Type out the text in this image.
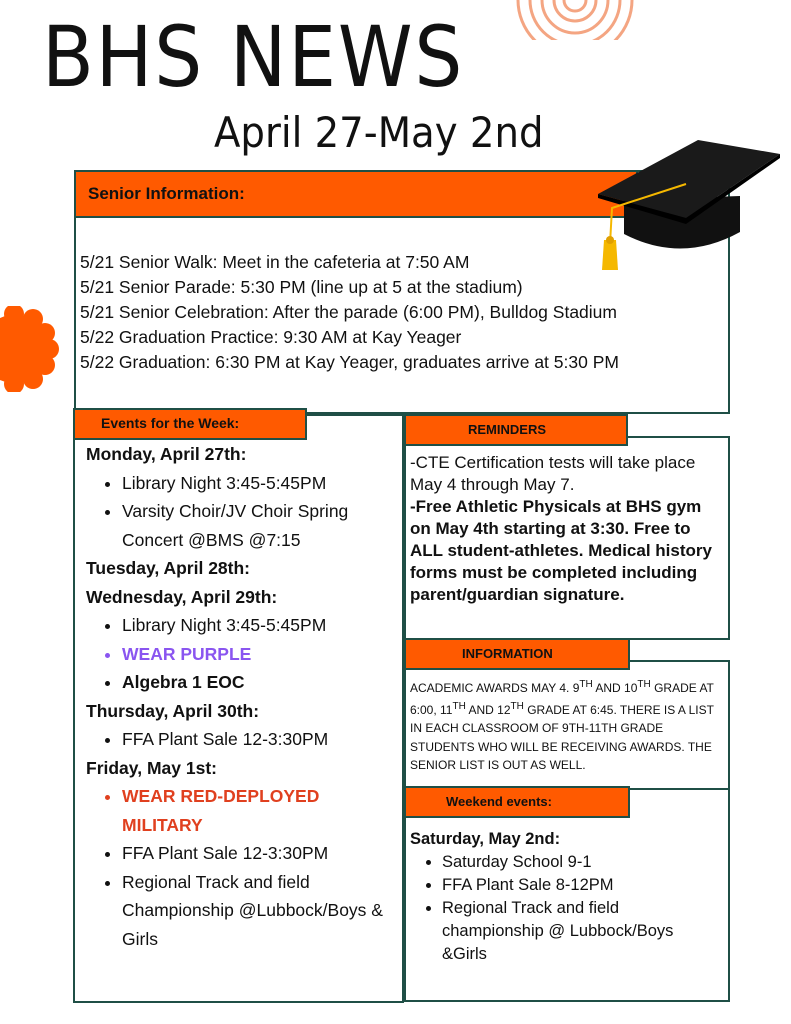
BHS NEWS
April 27-May 2nd
Senior Information:
5/21 Senior Walk: Meet in the cafeteria at 7:50 AM
5/21 Senior Parade: 5:30 PM (line up at 5 at the stadium)
5/21 Senior Celebration: After the parade (6:00 PM), Bulldog Stadium
5/22 Graduation Practice: 9:30 AM at Kay Yeager
5/22 Graduation: 6:30 PM at Kay Yeager, graduates arrive at 5:30 PM
Events for the Week:

Monday, April 27th:

• Library Night 3:45-5:45PM
• Varsity Choir/JV Choir Spring Concert @BMS @7:15

Tuesday, April 28th:

Wednesday, April 29th:

• Library Night 3:45-5:45PM
• WEAR PURPLE
• Algebra 1 EOC

Thursday, April 30th:

• FFA Plant Sale 12-3:30PM

Friday, May 1st:

• WEAR RED-DEPLOYED MILITARY
• FFA Plant Sale 12-3:30PM
• Regional Track and field Championship @Lubbock/Boys & Girls
REMINDERS
-CTE Certification tests will take place May 4 through May 7.
-Free Athletic Physicals at BHS gym on May 4th starting at 3:30. Free to ALL student-athletes. Medical history forms must be completed including parent/guardian signature.
INFORMATION
ACADEMIC AWARDS MAY 4. 9TH AND 10TH GRADE AT 6:00, 11TH AND 12TH GRADE AT 6:45. THERE IS A LIST IN EACH CLASSROOM OF 9TH-11TH GRADE STUDENTS WHO WILL BE RECEIVING AWARDS. THE SENIOR LIST IS OUT AS WELL.
Weekend events:

Saturday, May 2nd:

• Saturday School 9-1
• FFA Plant Sale 8-12PM
• Regional Track and field championship @ Lubbock/Boys &Girls
